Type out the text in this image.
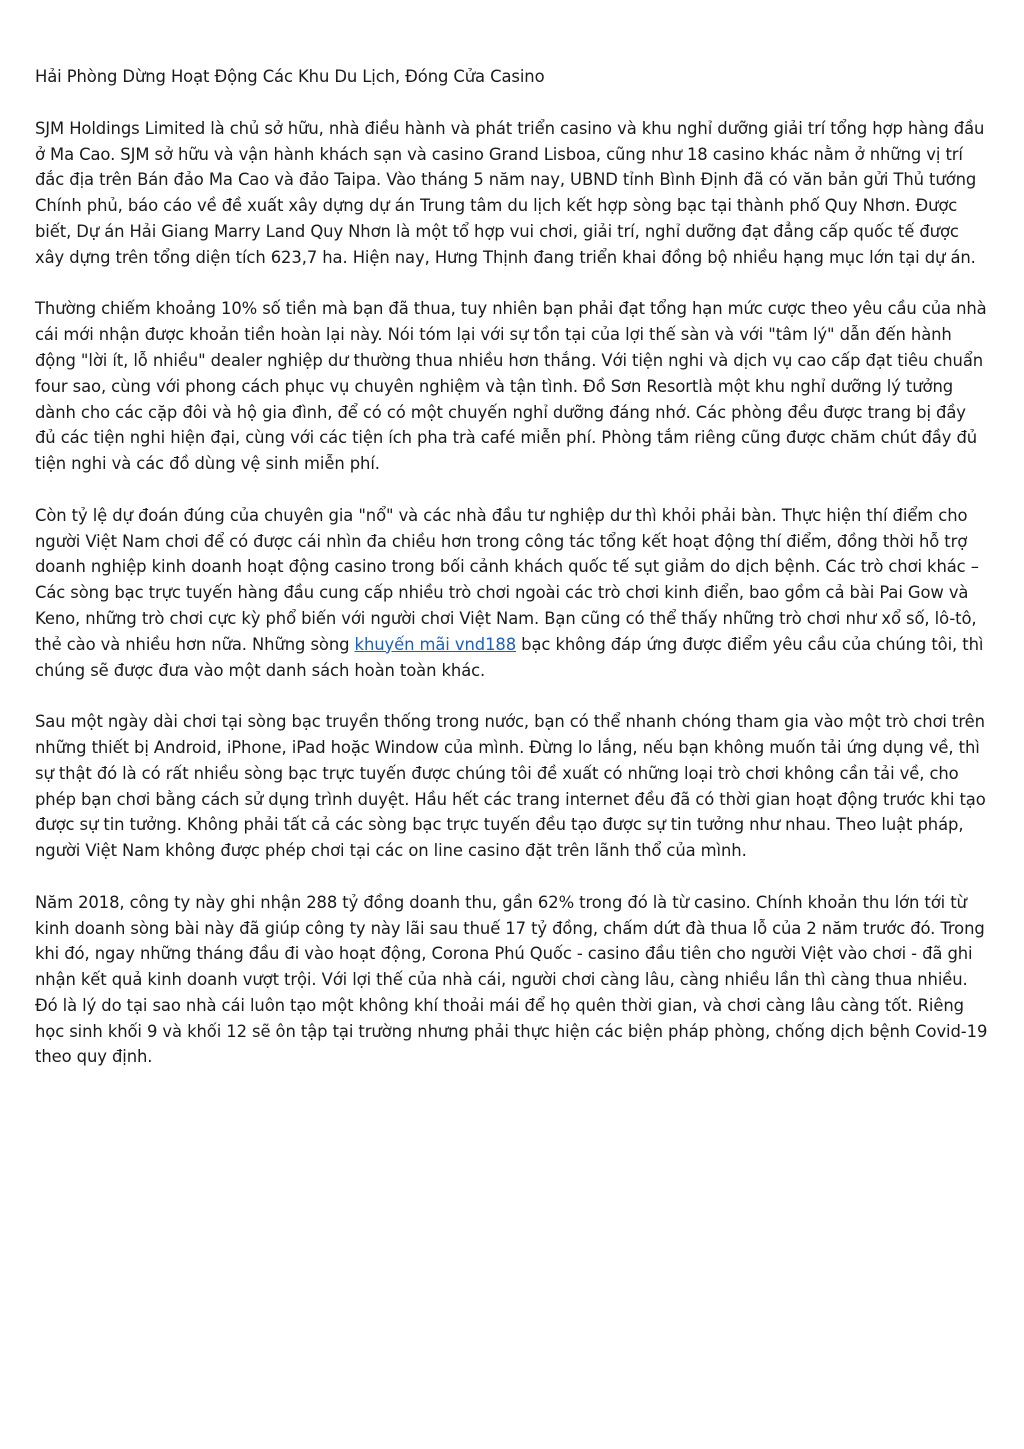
Hải Phòng Dừng Hoạt Động Các Khu Du Lịch, Đóng Cửa Casino

SJM Holdings Limited là chủ sở hữu, nhà điều hành và phát triển casino và khu nghỉ dưỡng giải trí tổng hợp hàng đầu ở Ma Cao. SJM sở hữu và vận hành khách sạn và casino Grand Lisboa, cũng như 18 casino khác nằm ở những vị trí đắc địa trên Bán đảo Ma Cao và đảo Taipa. Vào tháng 5 năm nay, UBND tỉnh Bình Định đã có văn bản gửi Thủ tướng Chính phủ, báo cáo về đề xuất xây dựng dự án Trung tâm du lịch kết hợp sòng bạc tại thành phố Quy Nhơn. Được biết, Dự án Hải Giang Marry Land Quy Nhơn là một tổ hợp vui chơi, giải trí, nghỉ dưỡng đạt đẳng cấp quốc tế được xây dựng trên tổng diện tích 623,7 ha. Hiện nay, Hưng Thịnh đang triển khai đồng bộ nhiều hạng mục lớn tại dự án.

Thường chiếm khoảng 10% số tiền mà bạn đã thua, tuy nhiên bạn phải đạt tổng hạn mức cược theo yêu cầu của nhà cái mới nhận được khoản tiền hoàn lại này. Nói tóm lại với sự tồn tại của lợi thế sàn và với "tâm lý" dẫn đến hành động "lời ít, lỗ nhiều" dealer nghiệp dư thường thua nhiều hơn thắng. Với tiện nghi và dịch vụ cao cấp đạt tiêu chuẩn four sao, cùng với phong cách phục vụ chuyên nghiệm và tận tình. Đồ Sơn Resortlà một khu nghỉ dưỡng lý tưởng dành cho các cặp đôi và hộ gia đình, để có có một chuyến nghỉ dưỡng đáng nhớ. Các phòng đều được trang bị đầy đủ các tiện nghi hiện đại, cùng với các tiện ích pha trà café miễn phí. Phòng tắm riêng cũng được chăm chút đầy đủ tiện nghi và các đồ dùng vệ sinh miễn phí.

Còn tỷ lệ dự đoán đúng của chuyên gia "nổ" và các nhà đầu tư nghiệp dư thì khỏi phải bàn. Thực hiện thí điểm cho người Việt Nam chơi để có được cái nhìn đa chiều hơn trong công tác tổng kết hoạt động thí điểm, đồng thời hỗ trợ doanh nghiệp kinh doanh hoạt động casino trong bối cảnh khách quốc tế sụt giảm do dịch bệnh. Các trò chơi khác – Các sòng bạc trực tuyến hàng đầu cung cấp nhiều trò chơi ngoài các trò chơi kinh điển, bao gồm cả bài Pai Gow và Keno, những trò chơi cực kỳ phổ biến với người chơi Việt Nam. Bạn cũng có thể thấy những trò chơi như xổ số, lô-tô, thẻ cào và nhiều hơn nữa. Những sòng khuyến mãi vnd188 bạc không đáp ứng được điểm yêu cầu của chúng tôi, thì chúng sẽ được đưa vào một danh sách hoàn toàn khác.

Sau một ngày dài chơi tại sòng bạc truyền thống trong nước, bạn có thể nhanh chóng tham gia vào một trò chơi trên những thiết bị Android, iPhone, iPad hoặc Window của mình. Đừng lo lắng, nếu bạn không muốn tải ứng dụng về, thì sự thật đó là có rất nhiều sòng bạc trực tuyến được chúng tôi đề xuất có những loại trò chơi không cần tải về, cho phép bạn chơi bằng cách sử dụng trình duyệt. Hầu hết các trang internet đều đã có thời gian hoạt động trước khi tạo được sự tin tưởng. Không phải tất cả các sòng bạc trực tuyến đều tạo được sự tin tưởng như nhau. Theo luật pháp, người Việt Nam không được phép chơi tại các on line casino đặt trên lãnh thổ của mình.

Năm 2018, công ty này ghi nhận 288 tỷ đồng doanh thu, gần 62% trong đó là từ casino. Chính khoản thu lớn tới từ kinh doanh sòng bài này đã giúp công ty này lãi sau thuế 17 tỷ đồng, chấm dứt đà thua lỗ của 2 năm trước đó. Trong khi đó, ngay những tháng đầu đi vào hoạt động, Corona Phú Quốc - casino đầu tiên cho người Việt vào chơi - đã ghi nhận kết quả kinh doanh vượt trội. Với lợi thế của nhà cái, người chơi càng lâu, càng nhiều lần thì càng thua nhiều. Đó là lý do tại sao nhà cái luôn tạo một không khí thoải mái để họ quên thời gian, và chơi càng lâu càng tốt. Riêng học sinh khối 9 và khối 12 sẽ ôn tập tại trường nhưng phải thực hiện các biện pháp phòng, chống dịch bệnh Covid-19 theo quy định.
